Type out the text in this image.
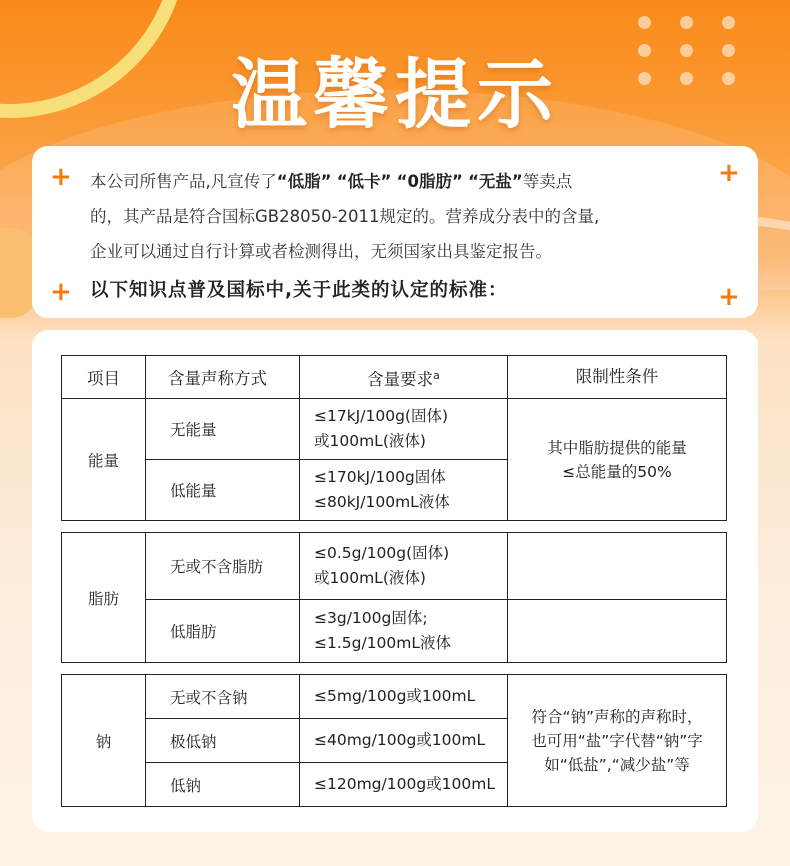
温馨提示
+	+
+	+

本公司所售产品,凡宣传了“低脂” “低卡” “0脂肪” “无盐”等卖点

的，其产品是符合国标GB28050-2011规定的。营养成分表中的含量,

企业可以通过自行计算或者检测得出，无须国家出具鉴定报告。

以下知识点普及国标中,关于此类的认定的标准：

项目	含量声称方式	含量要求$^a$	限制性条件
能量	无能量	≤17kJ/100g(固体)
或100mL(液体)	其中脂肪提供的能量
≤总能量的50%
	低能量	≤170kJ/100g固体
≤80kJ/100mL液体	
脂肪	无或不含脂肪	≤0.5g/100g(固体)
或100mL(液体)	
	低脂肪	≤3g/100g固体;
≤1.5g/100mL液体	
钠	无或不含钠	≤5mg/100g或100mL	符合“钠”声称的声称时，
也可用“盐”字代替“钠”字
如“低盐”,“减少盐”等
	极低钠	≤40mg/100g或100mL	
	低钠	≤120mg/100g或100mL	
